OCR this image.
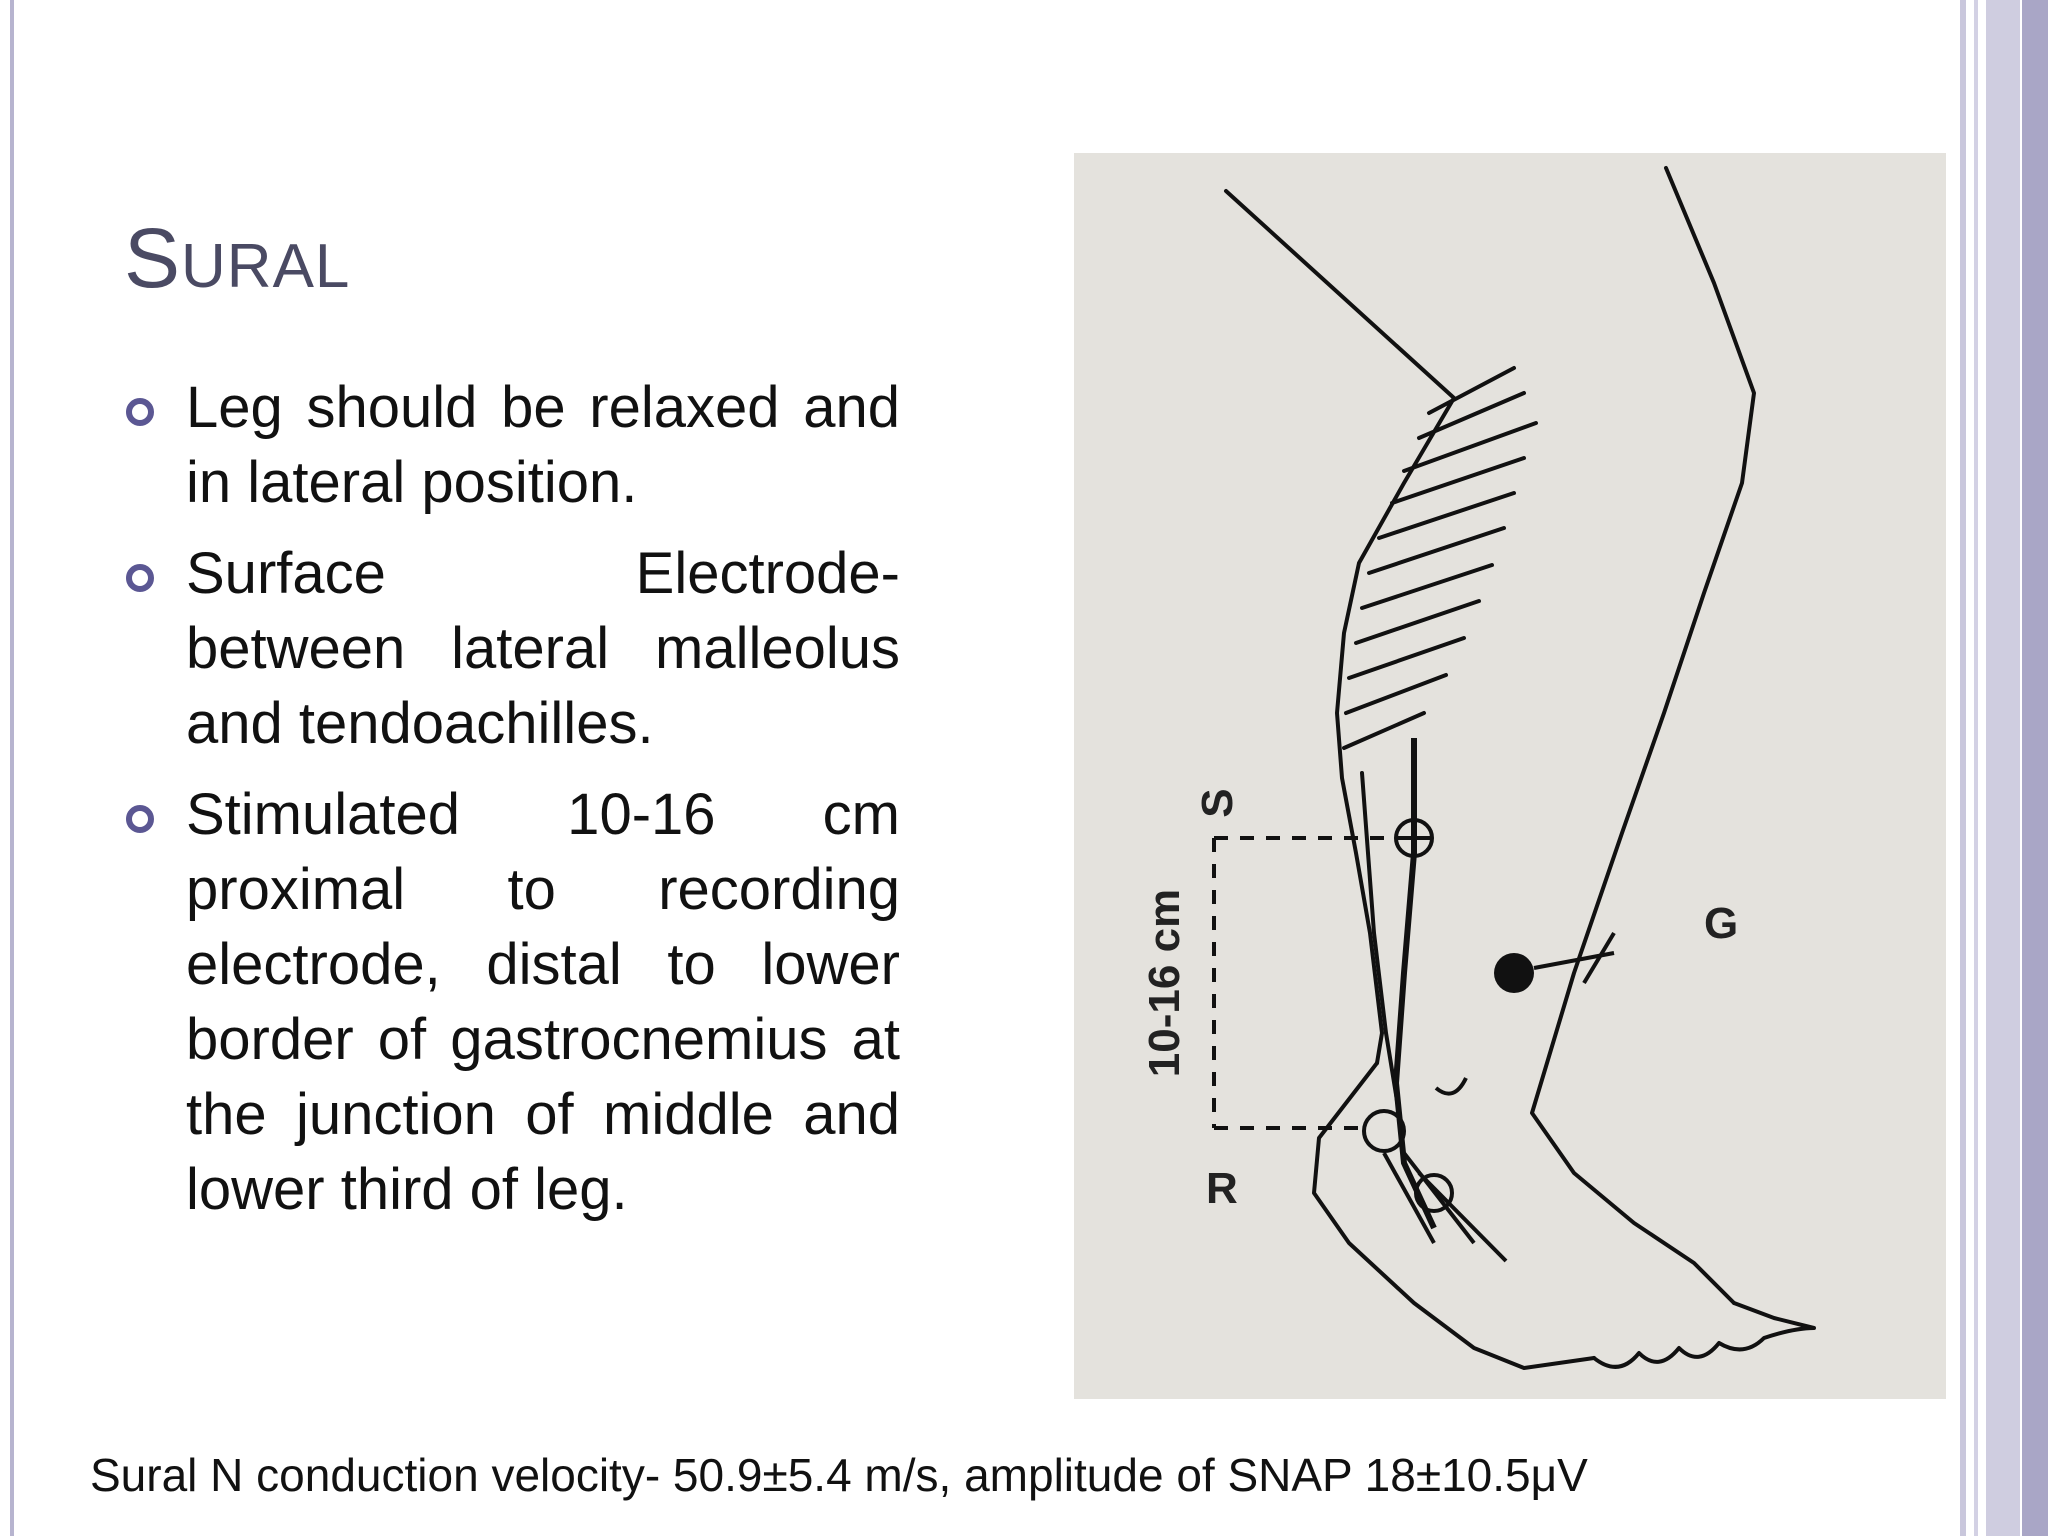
SURAL
Leg should be relaxed and in lateral position.
Surface Electrode- between lateral malleolus and tendoachilles.
Stimulated 10-16 cm proximal to recording electrode, distal to lower border of gastrocnemius at the junction of middle and lower third of leg.
S
R
G
10-16 cm

Sural N conduction velocity- 50.9±5.4 m/s, amplitude of SNAP 18±10.5μV
